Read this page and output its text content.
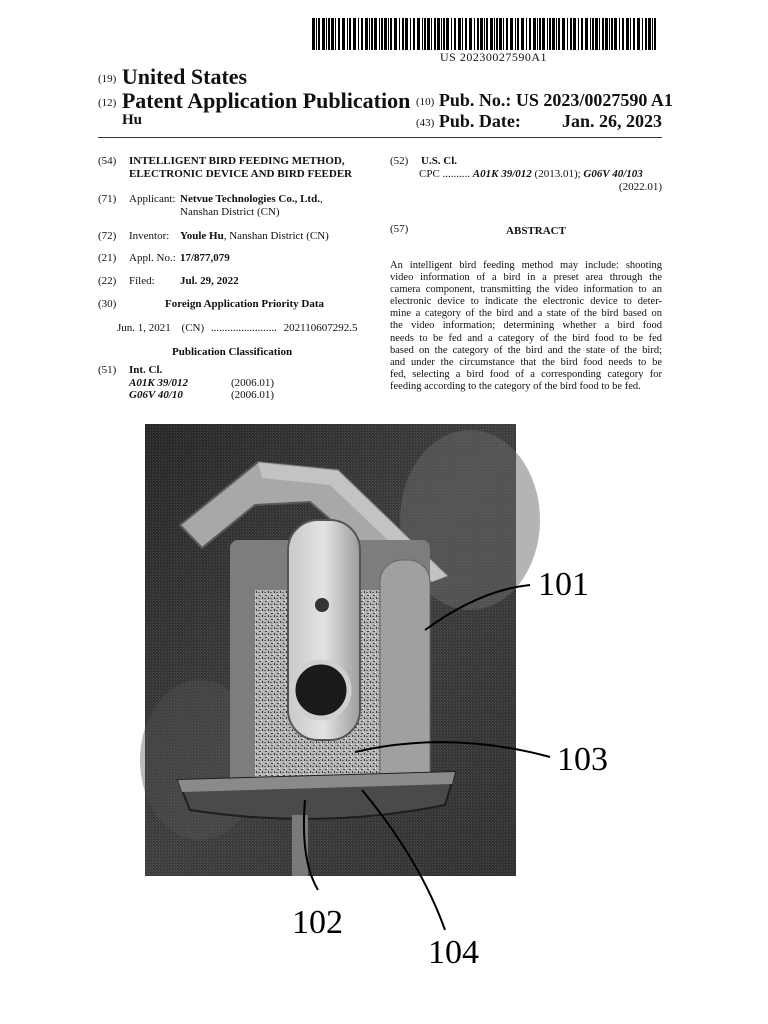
US 20230027590A1
(19) United States
(12) Patent Application Publication
Hu
(10) Pub. No.: US 2023/0027590 A1
(43) Pub. Date: Jan. 26, 2023
(54) INTELLIGENT BIRD FEEDING METHOD, ELECTRONIC DEVICE AND BIRD FEEDER
(71) Applicant: Netvue Technologies Co., Ltd.,
Nanshan District (CN)
(72) Inventor: Youle Hu, Nanshan District (CN)
(21) Appl. No.: 17/877,079
(22) Filed: Jul. 29, 2022
(30)	Foreign Application Priority Data
Jun. 1, 2021 (CN) ........................ 202110607292.5
Publication Classification
(51) Int. Cl.
A01K 39/012	(2006.01)
G06V 40/10	(2006.01)
(52) U.S. Cl.
CPC .......... A01K 39/012 (2013.01); G06V 40/103
(2022.01)
(57)	ABSTRACT
An intelligent bird feeding method may include: shooting
video information of a bird in a preset area through the
camera component, transmitting the video information to an
electronic device to indicate the electronic device to deter-
mine a category of the bird and a state of the bird based on
the video information; determining whether a bird food
needs to be fed and a category of the bird food to be fed
based on the category of the bird and the state of the bird;
and under the circumstance that the bird food needs to be
fed, selecting a bird food of a corresponding category for
feeding according to the category of the bird food to be fed.
101
103
102
104
